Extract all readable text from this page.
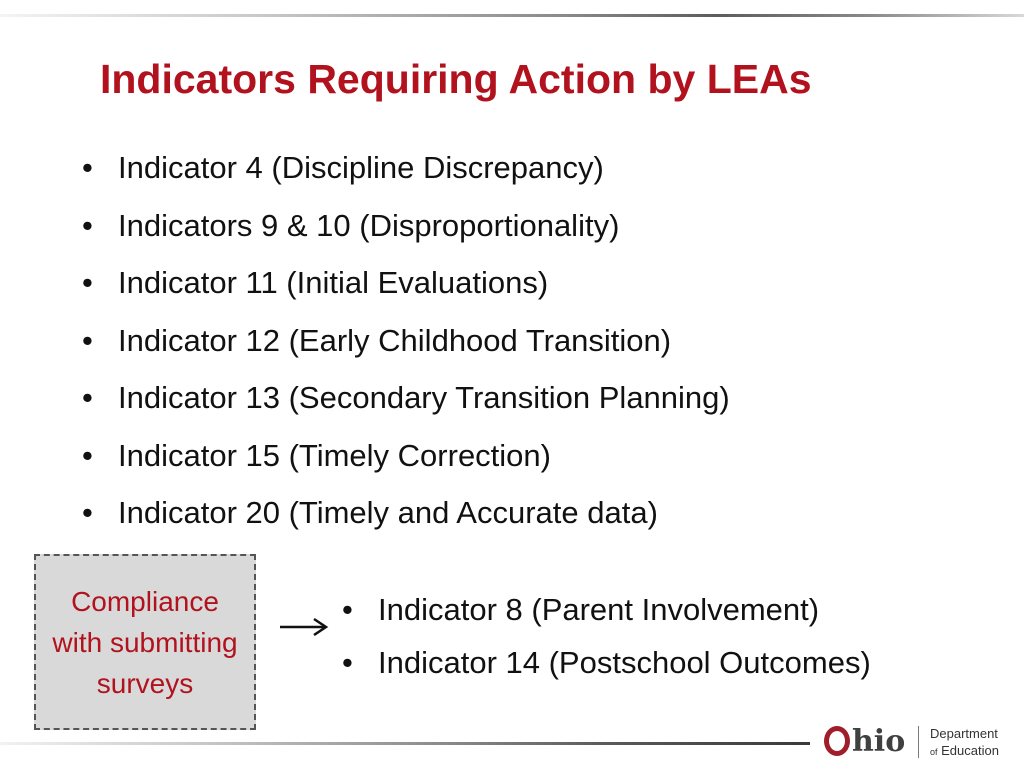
Indicators Requiring Action by LEAs
• Indicator 4 (Discipline Discrepancy)
• Indicators 9 & 10 (Disproportionality)
• Indicator 11 (Initial Evaluations)
• Indicator 12 (Early Childhood Transition)
• Indicator 13 (Secondary Transition Planning)
• Indicator 15 (Timely Correction)
• Indicator 20 (Timely and Accurate data)
Compliance with submitting surveys
• Indicator 8 (Parent Involvement)
• Indicator 14 (Postschool Outcomes)
hio Department
of Education
